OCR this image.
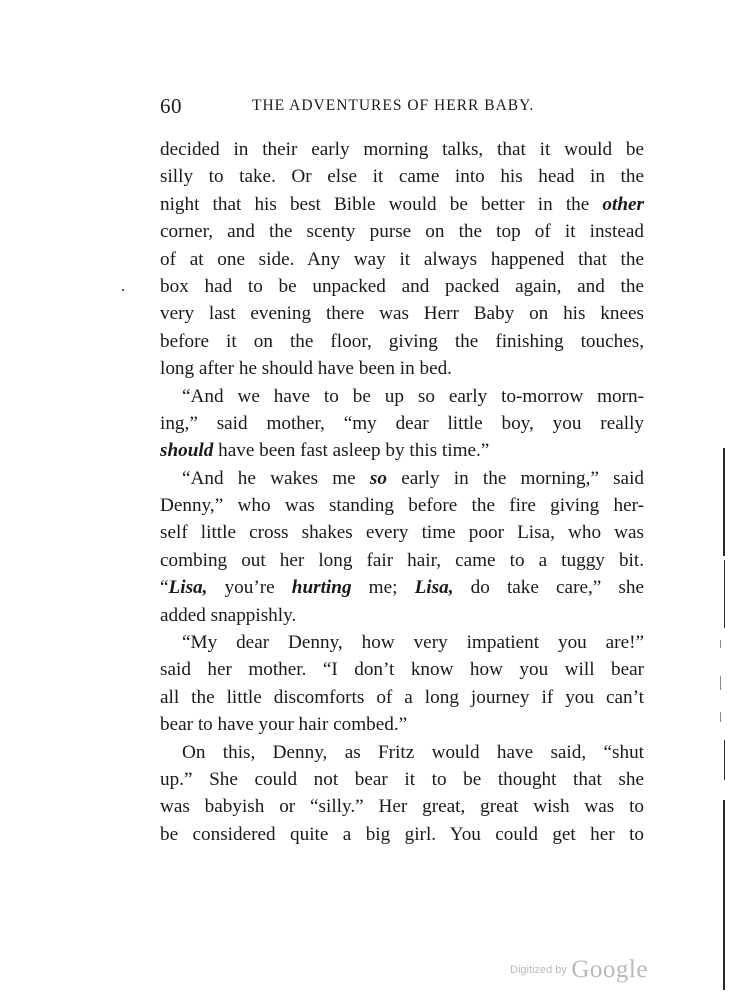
60	THE ADVENTURES OF HERR BABY.
decided in their early morning talks, that it would be
silly to take. Or else it came into his head in the
night that his best Bible would be better in the other
corner, and the scenty purse on the top of it instead
of at one side. Any way it always happened that the
box had to be unpacked and packed again, and the
very last evening there was Herr Baby on his knees
before it on the floor, giving the finishing touches,
long after he should have been in bed.
“And we have to be up so early to-morrow morn-
ing,” said mother, “my dear little boy, you really
should have been fast asleep by this time.”
“And he wakes me so early in the morning,” said
Denny,” who was standing before the fire giving her-
self little cross shakes every time poor Lisa, who was
combing out her long fair hair, came to a tuggy bit.
“Lisa, you’re hurting me; Lisa, do take care,” she
added snappishly.
“My dear Denny, how very impatient you are!”
said her mother. “I don’t know how you will bear
all the little discomforts of a long journey if you can’t
bear to have your hair combed.”
On this, Denny, as Fritz would have said, “shut
up.” She could not bear it to be thought that she
was babyish or “silly.” Her great, great wish was to
be considered quite a big girl. You could get her to
$^{Digitized by}$ Google
